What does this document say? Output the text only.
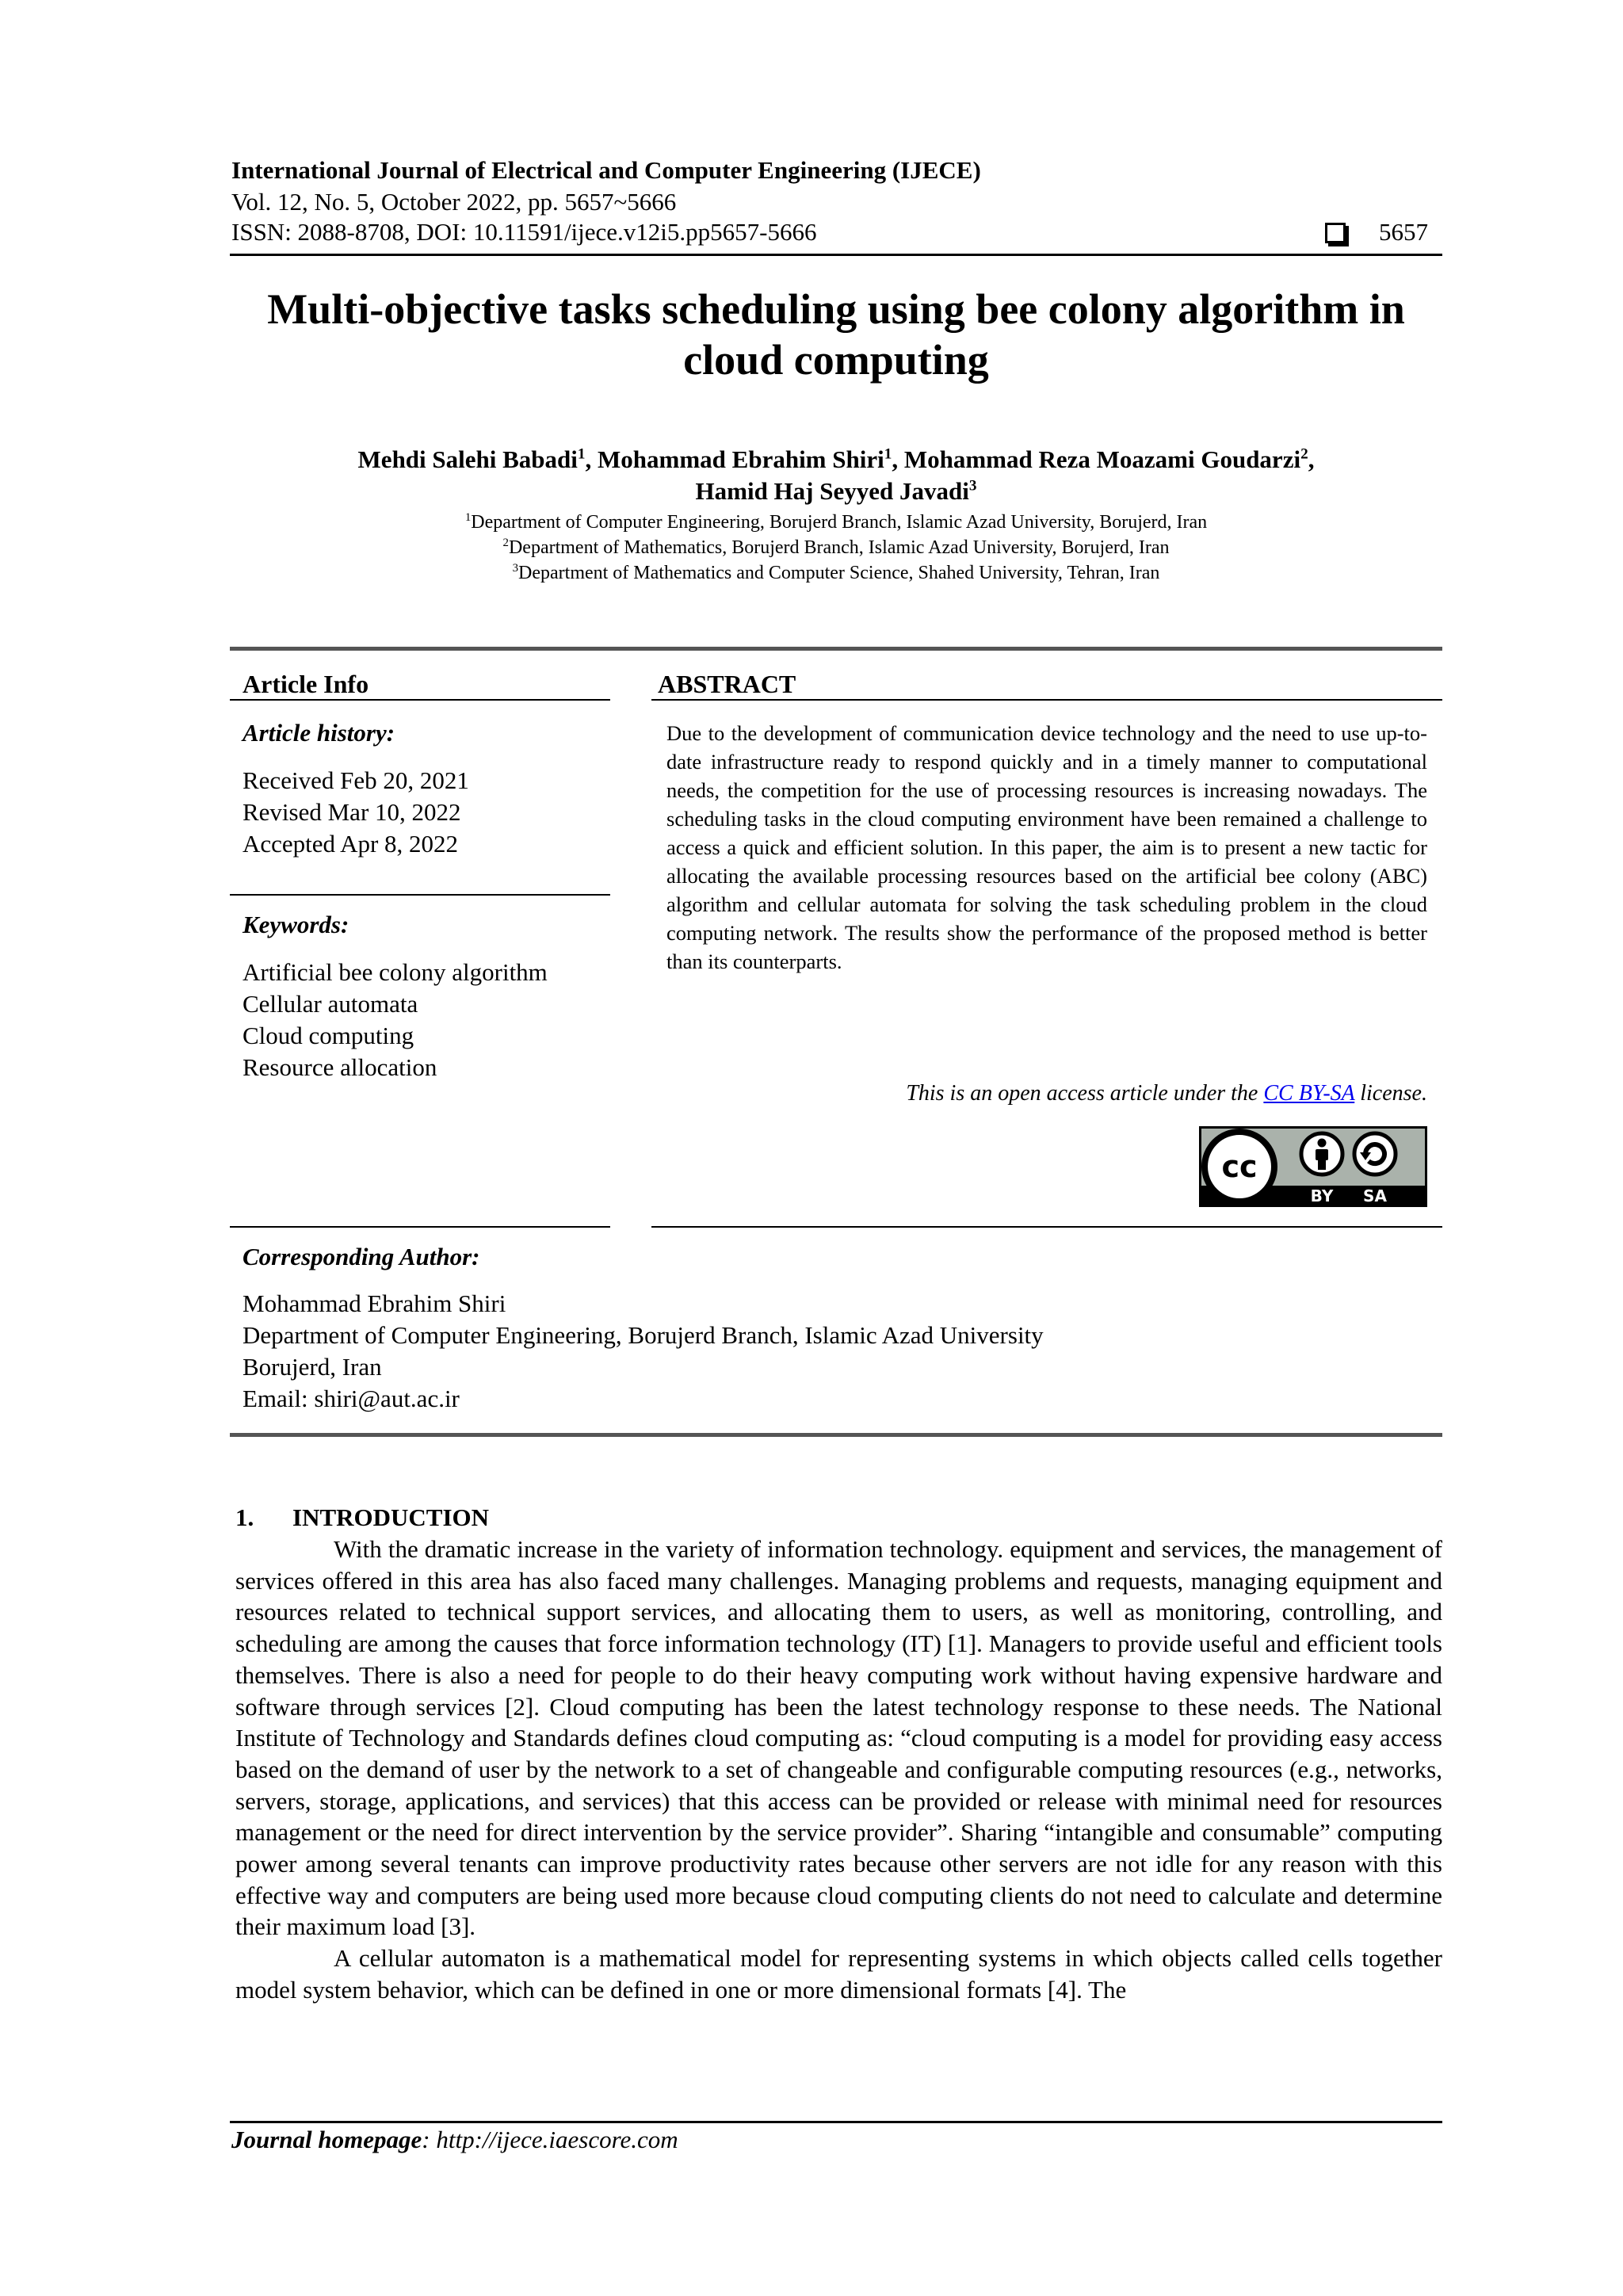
International Journal of Electrical and Computer Engineering (IJECE)
Vol. 12, No. 5, October 2022, pp. 5657~5666
ISSN: 2088-8708, DOI: 10.11591/ijece.v12i5.pp5657-5666	5657
Multi-objective tasks scheduling using bee colony algorithm in
cloud computing
Mehdi Salehi Babadi$^1$, Mohammad Ebrahim Shiri$^1$, Mohammad Reza Moazami Goudarzi$^2$,
Hamid Haj Seyyed Javadi$^3$
$^1$Department of Computer Engineering, Borujerd Branch, Islamic Azad University, Borujerd, Iran
$^2$Department of Mathematics, Borujerd Branch, Islamic Azad University, Borujerd, Iran
$^3$Department of Mathematics and Computer Science, Shahed University, Tehran, Iran
Article Info
Article history:
Received Feb 20, 2021
Revised Mar 10, 2022
Accepted Apr 8, 2022
Keywords:
Artificial bee colony algorithm
Cellular automata
Cloud computing
Resource allocation
ABSTRACT
Due to the development of communication device technology and the need to use up-to-date infrastructure ready to respond quickly and in a timely manner to computational needs, the competition for the use of processing resources is increasing nowadays. The scheduling tasks in the cloud computing environment have been remained a challenge to access a quick and efficient solution. In this paper, the aim is to present a new tactic for allocating the available processing resources based on the artificial bee colony (ABC) algorithm and cellular automata for solving the task scheduling problem in the cloud computing network. The results show the performance of the proposed method is better than its counterparts.
This is an open access article under the CC BY-SA license.
cc
BY SA
Corresponding Author:
Mohammad Ebrahim Shiri
Department of Computer Engineering, Borujerd Branch, Islamic Azad University
Borujerd, Iran
Email: shiri@aut.ac.ir
1. INTRODUCTION

With the dramatic increase in the variety of information technology. equipment and services, the management of services offered in this area has also faced many challenges. Managing problems and requests, managing equipment and resources related to technical support services, and allocating them to users, as well as monitoring, controlling, and scheduling are among the causes that force information technology (IT) [1]. Managers to provide useful and efficient tools themselves. There is also a need for people to do their heavy computing work without having expensive hardware and software through services [2]. Cloud computing has been the latest technology response to these needs. The National Institute of Technology and Standards defines cloud computing as: “cloud computing is a model for providing easy access based on the demand of user by the network to a set of changeable and configurable computing resources (e.g., networks, servers, storage, applications, and services) that this access can be provided or release with minimal need for resources management or the need for direct intervention by the service provider”. Sharing “intangible and consumable” computing power among several tenants can improve productivity rates because other servers are not idle for any reason with this effective way and computers are being used more because cloud computing clients do not need to calculate and determine their maximum load [3].

A cellular automaton is a mathematical model for representing systems in which objects called cells together model system behavior, which can be defined in one or more dimensional formats [4]. The

Journal homepage: http://ijece.iaescore.com
